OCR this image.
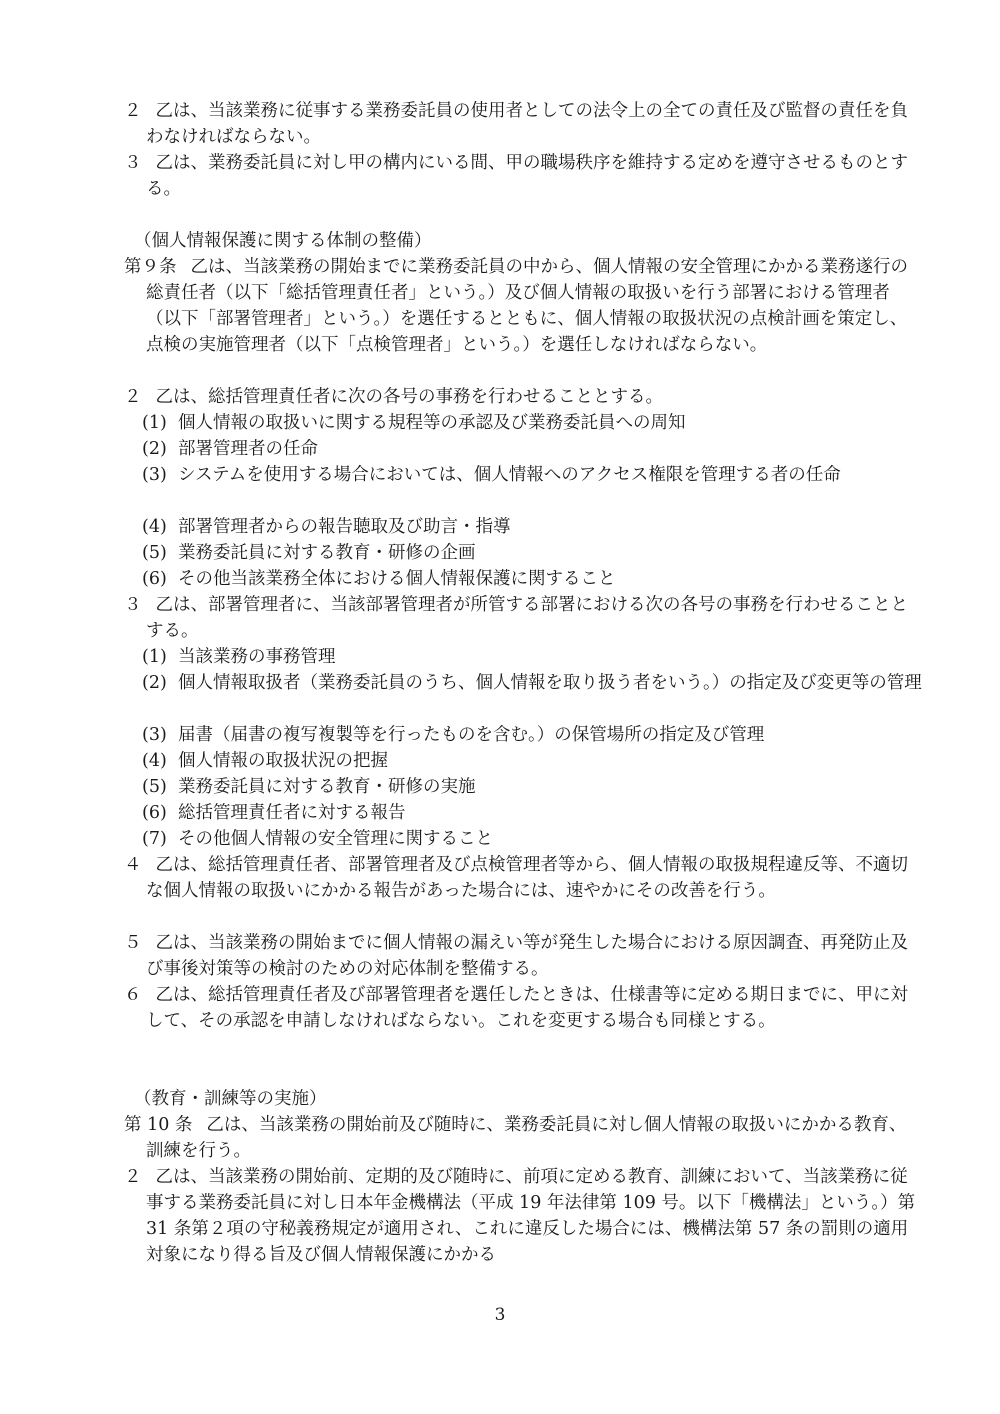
２ 乙は、当該業務に従事する業務委託員の使用者としての法令上の全ての責任及び監督の責任を負わなければならない。
３ 乙は、業務委託員に対し甲の構内にいる間、甲の職場秩序を維持する定めを遵守させるものとする。
（個人情報保護に関する体制の整備）
第９条 乙は、当該業務の開始までに業務委託員の中から、個人情報の安全管理にかかる業務遂行の総責任者（以下「総括管理責任者」という。）及び個人情報の取扱いを行う部署における管理者（以下「部署管理者」という。）を選任するとともに、個人情報の取扱状況の点検計画を策定し、点検の実施管理者（以下「点検管理者」という。）を選任しなければならない。
２ 乙は、総括管理責任者に次の各号の事務を行わせることとする。
(1) 個人情報の取扱いに関する規程等の承認及び業務委託員への周知
(2) 部署管理者の任命
(3) システムを使用する場合においては、個人情報へのアクセス権限を管理する者の任命
(4) 部署管理者からの報告聴取及び助言・指導
(5) 業務委託員に対する教育・研修の企画
(6) その他当該業務全体における個人情報保護に関すること
３ 乙は、部署管理者に、当該部署管理者が所管する部署における次の各号の事務を行わせることとする。
(1) 当該業務の事務管理
(2) 個人情報取扱者（業務委託員のうち、個人情報を取り扱う者をいう。）の指定及び変更等の管理
(3) 届書（届書の複写複製等を行ったものを含む。）の保管場所の指定及び管理
(4) 個人情報の取扱状況の把握
(5) 業務委託員に対する教育・研修の実施
(6) 総括管理責任者に対する報告
(7) その他個人情報の安全管理に関すること
４ 乙は、総括管理責任者、部署管理者及び点検管理者等から、個人情報の取扱規程違反等、不適切な個人情報の取扱いにかかる報告があった場合には、速やかにその改善を行う。
５ 乙は、当該業務の開始までに個人情報の漏えい等が発生した場合における原因調査、再発防止及び事後対策等の検討のための対応体制を整備する。
６ 乙は、総括管理責任者及び部署管理者を選任したときは、仕様書等に定める期日までに、甲に対して、その承認を申請しなければならない。これを変更する場合も同様とする。
（教育・訓練等の実施）
第 10 条 乙は、当該業務の開始前及び随時に、業務委託員に対し個人情報の取扱いにかかる教育、訓練を行う。
２ 乙は、当該業務の開始前、定期的及び随時に、前項に定める教育、訓練において、当該業務に従事する業務委託員に対し日本年金機構法（平成 19 年法律第 109 号。以下「機構法」という。）第 31 条第２項の守秘義務規定が適用され、これに違反した場合には、機構法第 57 条の罰則の適用対象になり得る旨及び個人情報保護にかかる
3
